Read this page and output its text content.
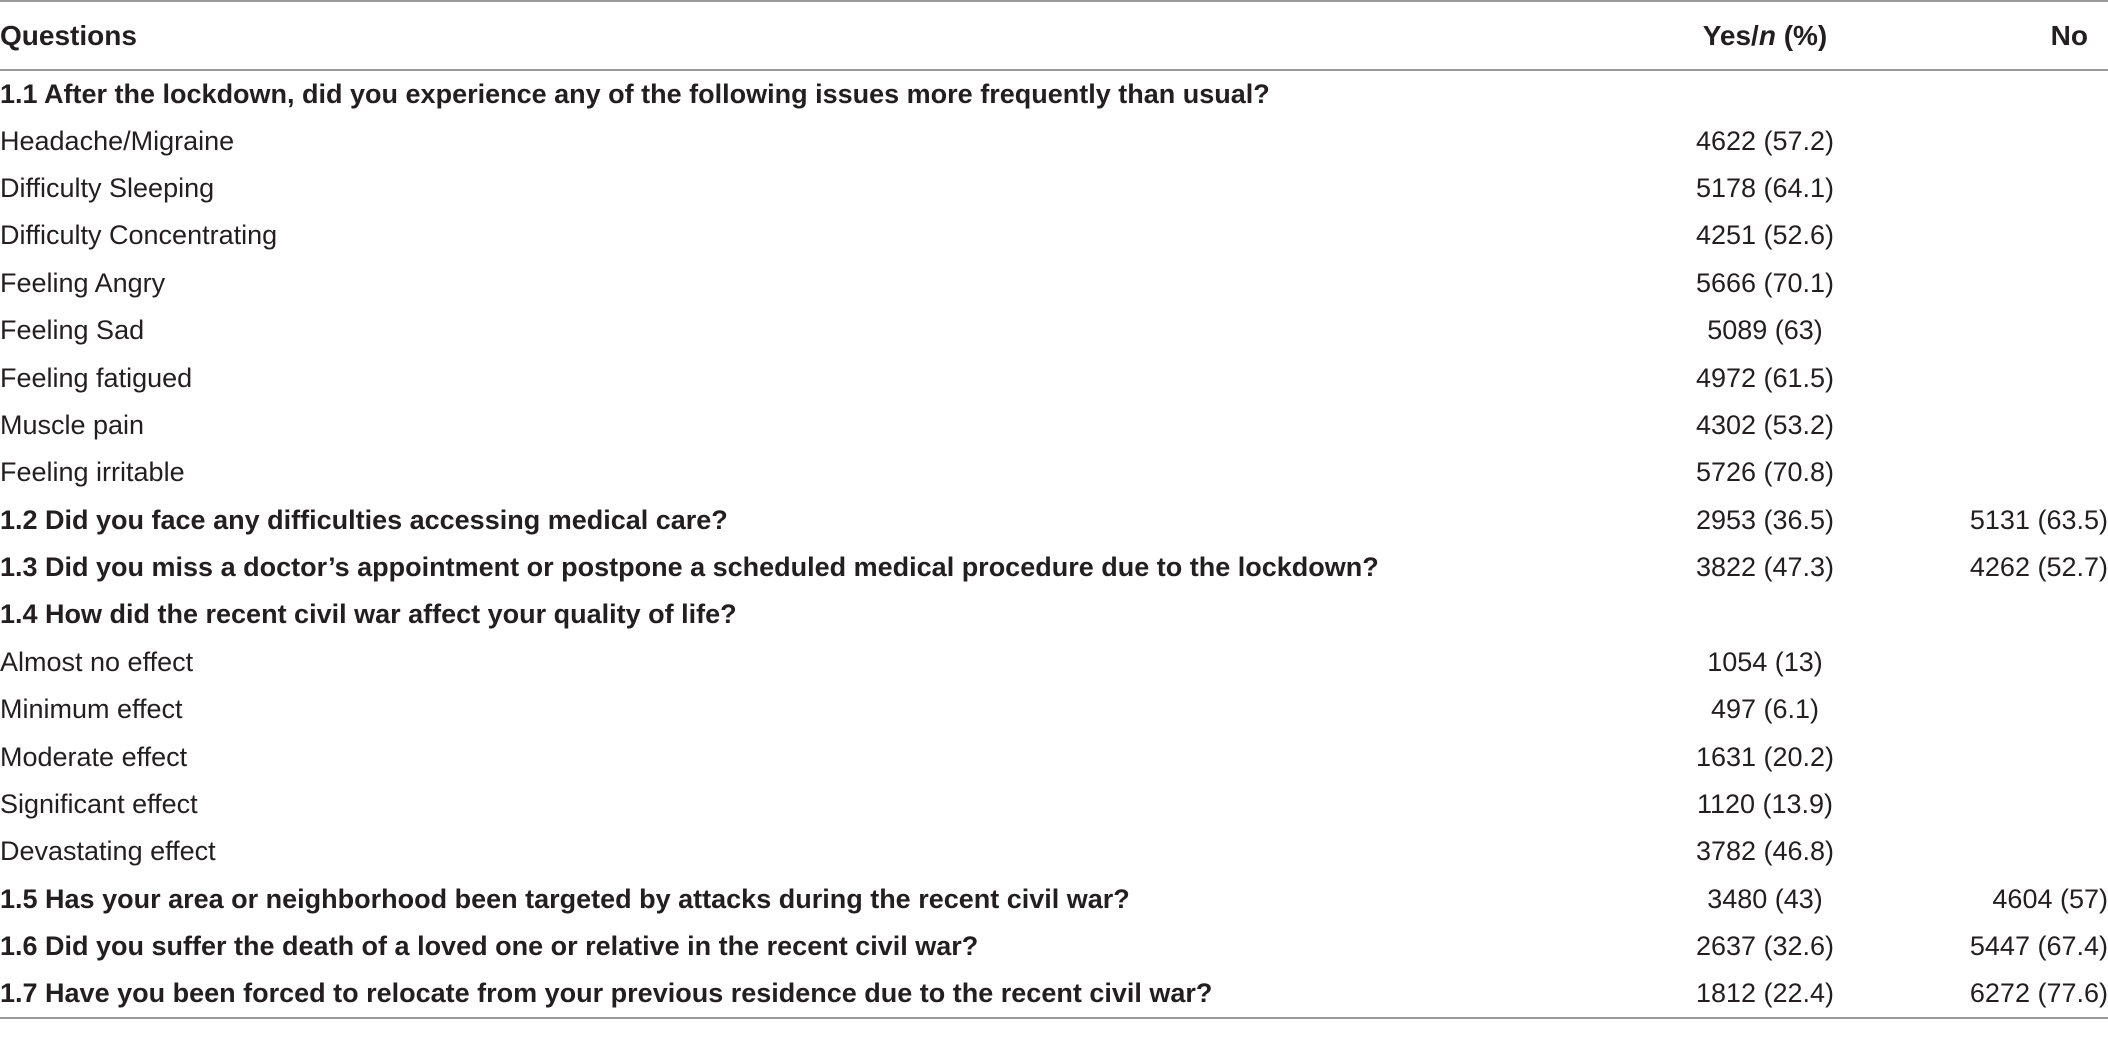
Questions	Yes/n (%)	No
1.1 After the lockdown, did you experience any of the following issues more frequently than usual?		
Headache/Migraine	4622 (57.2)	
Difficulty Sleeping	5178 (64.1)	
Difficulty Concentrating	4251 (52.6)	
Feeling Angry	5666 (70.1)	
Feeling Sad	5089 (63)	
Feeling fatigued	4972 (61.5)	
Muscle pain	4302 (53.2)	
Feeling irritable	5726 (70.8)	
1.2 Did you face any difficulties accessing medical care?	2953 (36.5)	5131 (63.5)
1.3 Did you miss a doctor’s appointment or postpone a scheduled medical procedure due to the lockdown?	3822 (47.3)	4262 (52.7)
1.4 How did the recent civil war affect your quality of life?		
Almost no effect	1054 (13)	
Minimum effect	497 (6.1)	
Moderate effect	1631 (20.2)	
Significant effect	1120 (13.9)	
Devastating effect	3782 (46.8)	
1.5 Has your area or neighborhood been targeted by attacks during the recent civil war?	3480 (43)	4604 (57)
1.6 Did you suffer the death of a loved one or relative in the recent civil war?	2637 (32.6)	5447 (67.4)
1.7 Have you been forced to relocate from your previous residence due to the recent civil war?	1812 (22.4)	6272 (77.6)
